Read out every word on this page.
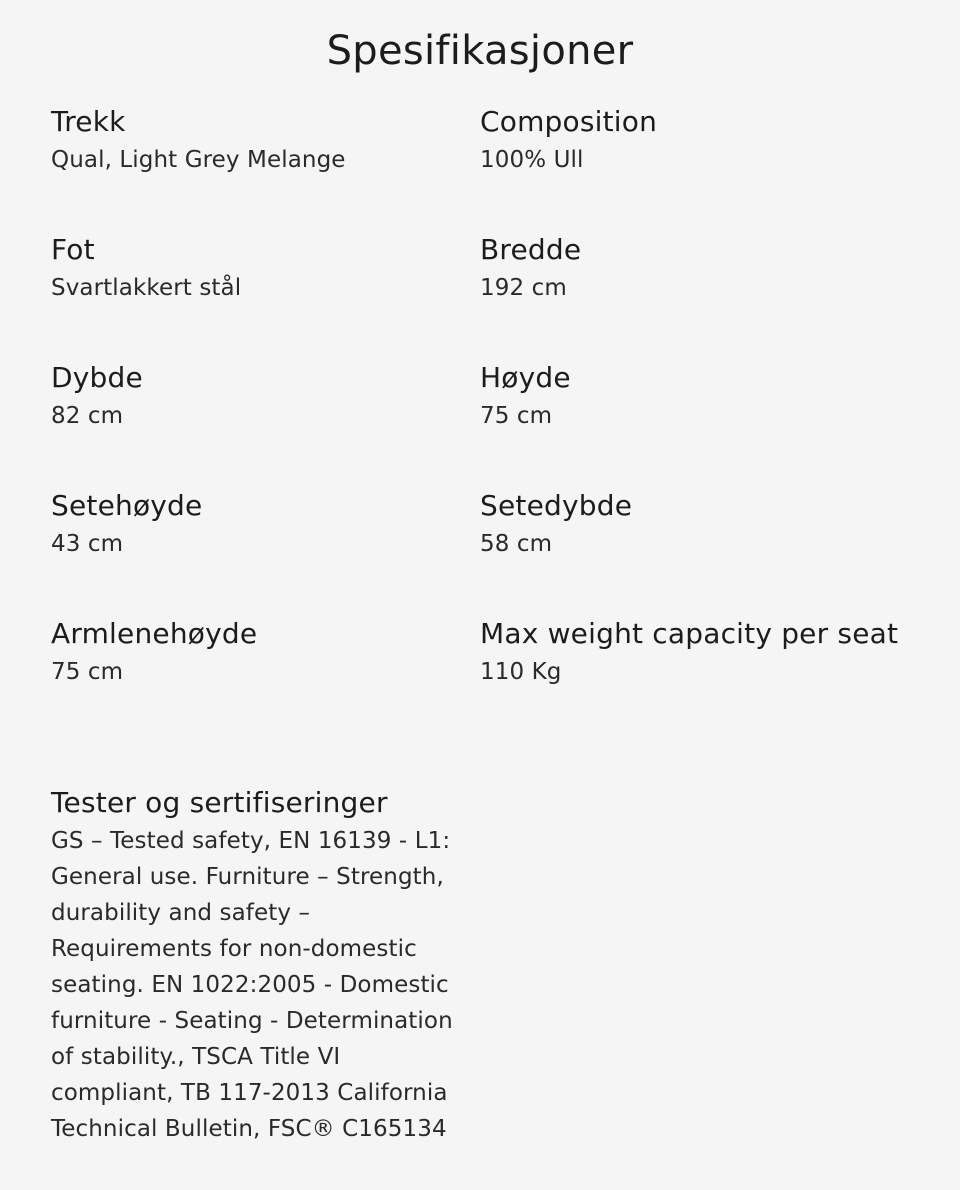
Spesifikasjoner
Trekk
Qual, Light Grey Melange
Composition
100% Ull
Fot
Svartlakkert stål
Bredde
192 cm
Dybde
82 cm
Høyde
75 cm
Setehøyde
43 cm
Setedybde
58 cm
Armlenehøyde
75 cm
Max weight capacity per seat
110 Kg
Tester og sertifiseringer
GS – Tested safety, EN 16139 - L1: General use. Furniture – Strength, durability and safety – Requirements for non-domestic seating. EN 1022:2005 - Domestic furniture - Seating - Determination of stability., TSCA Title VI compliant, TB 117-2013 California Technical Bulletin, FSC® C165134
